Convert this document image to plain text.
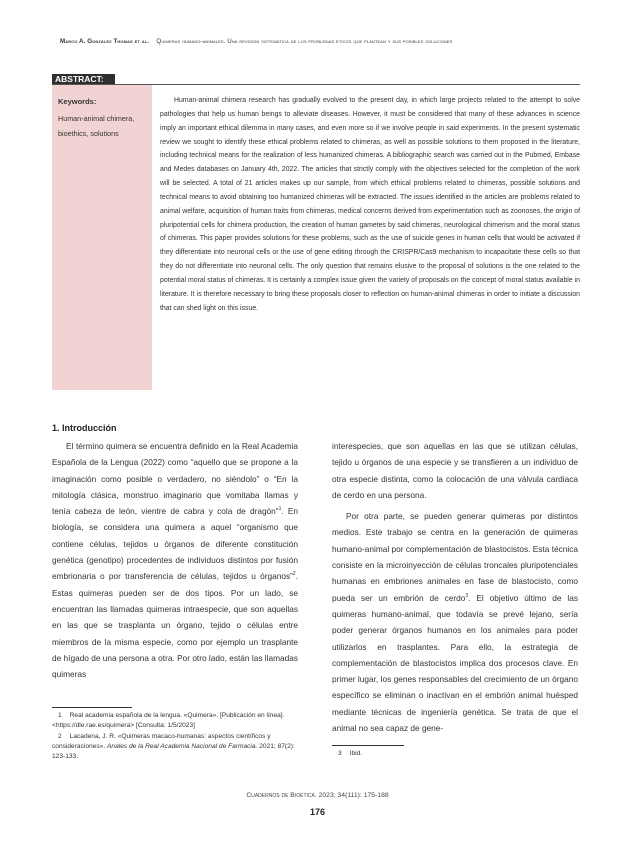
Marco A. González Thomas et al. Quimeras humano-animales. Una revisión sistemática de los problemas éticos que plantean y sus posibles soluciones
ABSTRACT:
Keywords:
Human-animal chimera, bioethics, solutions

Human-animal chimera research has gradually evolved to the present day, in which large projects related to the attempt to solve pathologies that help us human beings to alleviate diseases. However, it must be considered that many of these advances in science imply an important ethical dilemma in many cases, and even more so if we involve people in said experiments. In the present systematic review we sought to identify these ethical problems related to chimeras, as well as possible solutions to them proposed in the literature, including technical means for the realization of less humanized chimeras. A bibliographic search was carried out in the Pubmed, Embase and Medes databases on January 4th, 2022. The articles that strictly comply with the objectives selected for the completion of the work will be selected. A total of 21 articles makes up our sample, from which ethical problems related to chimeras, possible solutions and technical means to avoid obtaining too humanized chimeras will be extracted. The issues identified in the articles are problems related to animal welfare, acquisition of human traits from chimeras, medical concerns derived from experimentation such as zoonoses, the origin of pluripotential cells for chimera production, the creation of human gametes by said chimeras, neurological chimerism and the moral status of chimeras. This paper provides solutions for these problems, such as the use of suicide genes in human cells that would be activated if they differentiate into neuronal cells or the use of gene editing through the CRISPR/Cas9 mechanism to incapacitate these cells so that they do not differentiate into neuronal cells. The only question that remains elusive to the proposal of solutions is the one related to the potential moral status of chimeras. It is certainly a complex issue given the variety of proposals on the concept of moral status available in literature. It is therefore necessary to bring these proposals closer to reflection on human-animal chimeras in order to initiate a discussion that can shed light on this issue.

1. Introducción

El término quimera se encuentra definido en la Real Academia Española de la Lengua (2022) como “aquello que se propone a la imaginación como posible o verdadero, no siéndolo” o “En la mitología clásica, monstruo imaginario que vomitaba llamas y tenía cabeza de león, vientre de cabra y cola de dragón”$^1$. En biología, se considera una quimera a aquel “organismo que contiene células, tejidos u órganos de diferente constitución genética (genotipo) procedentes de individuos distintos por fusión embrionaria o por transferencia de células, tejidos u órganos”$^2$. Estas quimeras pueden ser de dos tipos. Por un lado, se encuentran las llamadas quimeras intraespecie, que son aquellas en las que se trasplanta un órgano, tejido o células entre miembros de la misma especie, como por ejemplo un trasplante de hígado de una persona a otra. Por otro lado, están las llamadas quimeras

interespecies, que son aquellas en las que se utilizan células, tejido u órganos de una especie y se transfieren a un individuo de otra especie distinta, como la colocación de una válvula cardiaca de cerdo en una persona.

Por otra parte, se pueden generar quimeras por distintos medios. Este trabajo se centra en la generación de quimeras humano-animal por complementación de blastocistos. Esta técnica consiste en la microinyección de células troncales pluripotenciales humanas en embriones animales en fase de blastocisto, como pueda ser un embrión de cerdo$^3$. El objetivo último de las quimeras humano-animal, que todavía se prevé lejano, sería poder generar órganos humanos en los animales para poder utilizarlos en trasplantes. Para ello, la estrategia de complementación de blastocistos implica dos procesos clave. En primer lugar, los genes responsables del crecimiento de un órgano específico se eliminan o inactivan en el embrión animal huésped mediante técnicas de ingeniería genética. Se trata de que el animal no sea capaz de gene-

1 Real academia española de la lengua. «Quimera». [Publicación en línea]. <https://dle.rae.es/quimera> [Consulta: 1/5/2023]

2 Lacadena, J. R. «Quimeras macaco-humanas: aspectos científicos y consideraciones». Anales de la Real Academia Nacional de Farmacia. 2021; 87(2): 123-133.	3 Ibid.

Cuadernos de Bioética. 2023; 34(111): 175-188
176
